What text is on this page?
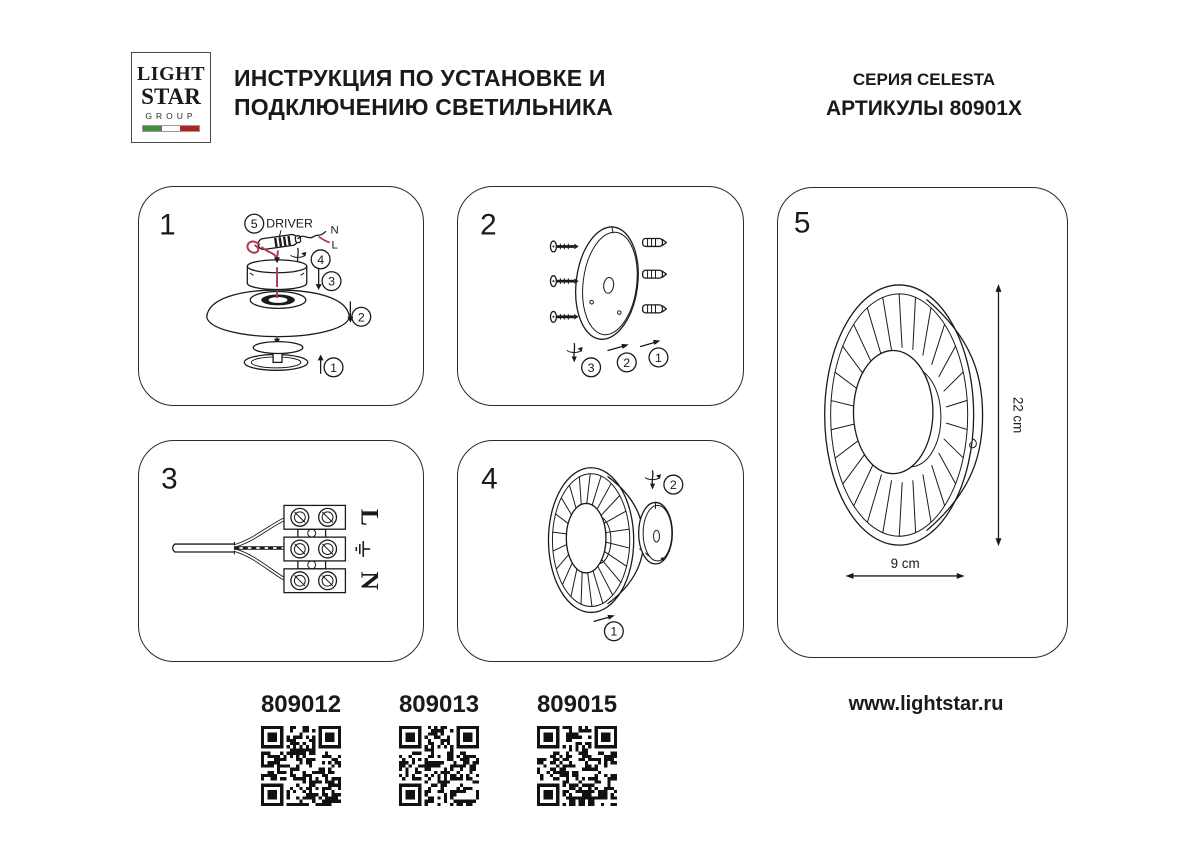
LIGHT
STAR
GROUP
ИНСТРУКЦИЯ ПО УСТАНОВКЕ И
ПОДКЛЮЧЕНИЮ СВЕТИЛЬНИКА
СЕРИЯ CELESTA
АРТИКУЛЫ 80901X
1	DRIVER
5	N
L
4
3
2
1
2
3 2 1
3
L
N
4	2
1
5
22 cm
9 cm
809012	809013	809015	www.lightstar.ru
